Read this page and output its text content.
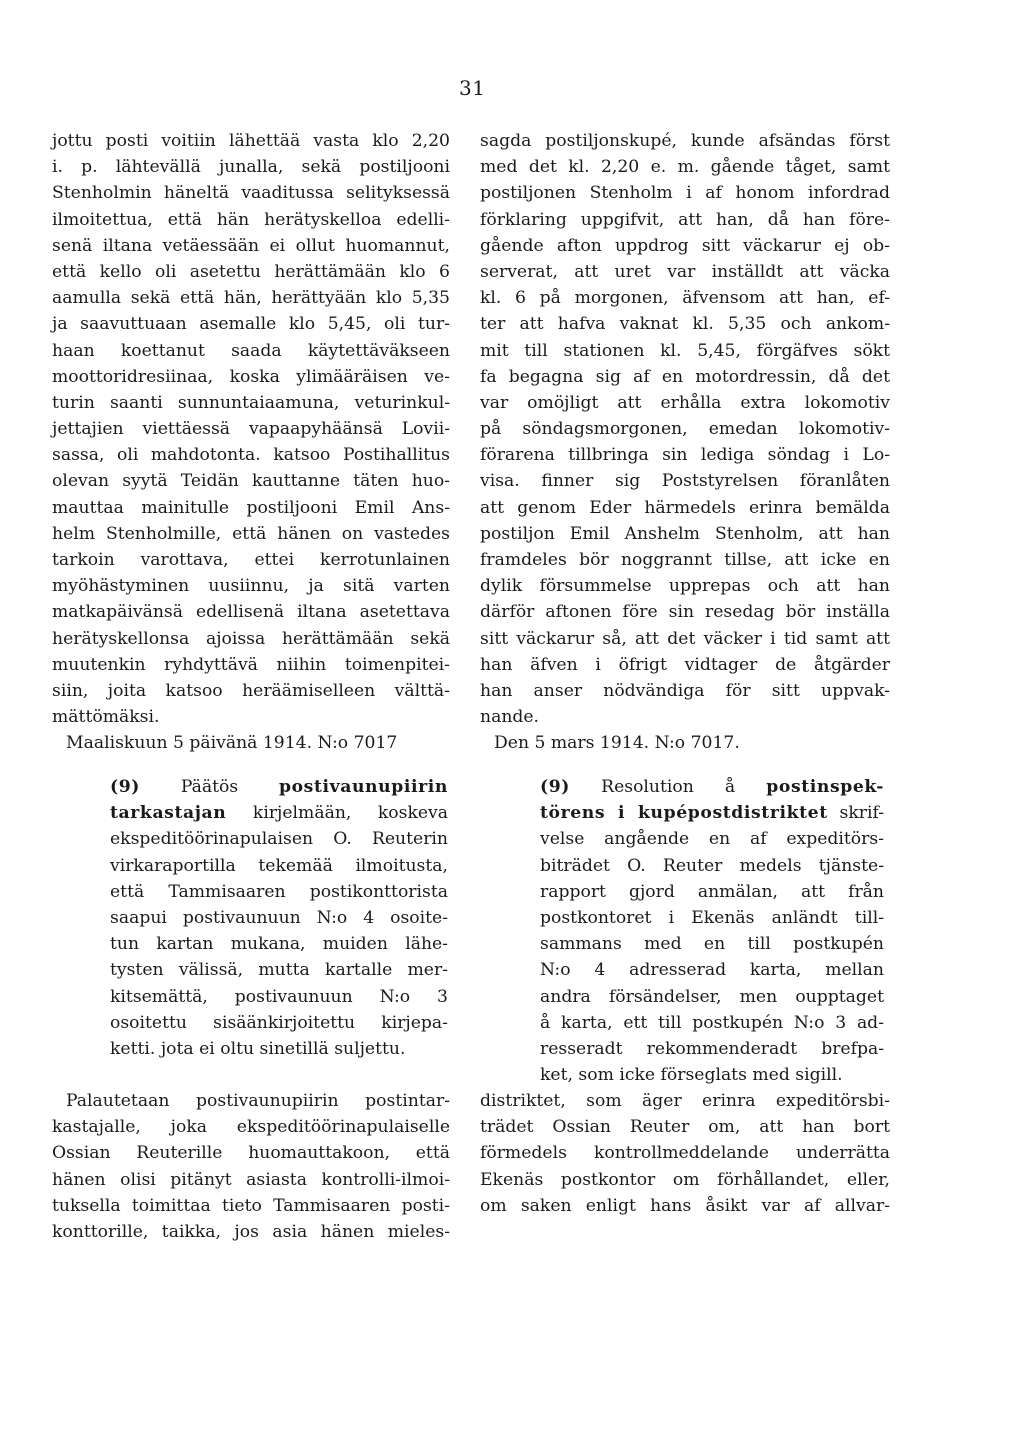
31
jottu posti voitiin lähettää vasta klo 2,20
i. p. lähtevällä junalla, sekä postiljooni
Stenholmin häneltä vaaditussa selityksessä
ilmoitettua, että hän herätyskelloa edelli-
senä iltana vetäessään ei ollut huomannut,
että kello oli asetettu herättämään klo 6
aamulla sekä että hän, herättyään klo 5,35
ja saavuttuaan asemalle klo 5,45, oli tur-
haan koettanut saada käytettäväkseen
moottoridresiinaa, koska ylimääräisen ve-
turin saanti sunnuntaiaamuna, veturinkul-
jettajien viettäessä vapaapyhäänsä Lovii-
sassa, oli mahdotonta. katsoo Postihallitus
olevan syytä Teidän kauttanne täten huo-
mauttaa mainitulle postiljooni Emil Ans-
helm Stenholmille, että hänen on vastedes
tarkoin varottava, ettei kerrotunlainen
myöhästyminen uusiinnu, ja sitä varten
matkapäivänsä edellisenä iltana asetettava
herätyskellonsa ajoissa herättämään sekä
muutenkin ryhdyttävä niihin toimenpitei-
siin, joita katsoo heräämiselleen välttä-
mättömäksi.
Maaliskuun 5 päivänä 1914. N:o 7017
sagda postiljonskupé, kunde afsändas först
med det kl. 2,20 e. m. gående tåget, samt
postiljonen Stenholm i af honom infordrad
förklaring uppgifvit, att han, då han före-
gående afton uppdrog sitt väckarur ej ob-
serverat, att uret var inställdt att väcka
kl. 6 på morgonen, äfvensom att han, ef-
ter att hafva vaknat kl. 5,35 och ankom-
mit till stationen kl. 5,45, förgäfves sökt
fa begagna sig af en motordressin, då det
var omöjligt att erhålla extra lokomotiv
på söndagsmorgonen, emedan lokomotiv-
förarena tillbringa sin lediga söndag i Lo-
visa. finner sig Poststyrelsen föranlåten
att genom Eder härmedels erinra bemälda
postiljon Emil Anshelm Stenholm, att han
framdeles bör noggrannt tillse, att icke en
dylik försummelse upprepas och att han
därför aftonen före sin resedag bör inställa
sitt väckarur så, att det väcker i tid samt att
han äfven i öfrigt vidtager de åtgärder
han anser nödvändiga för sitt uppvak-
nande.
Den 5 mars 1914. N:o 7017.
(9) Päätös postivaunupiirin
tarkastajan kirjelmään, koskeva
ekspeditöörinapulaisen O. Reuterin
virkaraportilla tekemää ilmoitusta,
että Tammisaaren postikonttorista
saapui postivaunuun N:o 4 osoite-
tun kartan mukana, muiden lähe-
tysten välissä, mutta kartalle mer-
kitsemättä, postivaunuun N:o 3
osoitettu sisäänkirjoitettu kirjepa-
ketti. jota ei oltu sinetillä suljettu.
(9) Resolution å postinspek-
törens i kupépostdistriktet skrif-
velse angående en af expeditörs-
biträdet O. Reuter medels tjänste-
rapport gjord anmälan, att från
postkontoret i Ekenäs anländt till-
sammans med en till postkupén
N:o 4 adresserad karta, mellan
andra försändelser, men oupptaget
å karta, ett till postkupén N:o 3 ad-
resseradt rekommenderadt brefpa-
ket, som icke förseglats med sigill.
Palautetaan postivaunupiirin postintar-
kastajalle, joka ekspeditöörinapulaiselle
Ossian Reuterille huomauttakoon, että
hänen olisi pitänyt asiasta kontrolli-ilmoi-
tuksella toimittaa tieto Tammisaaren posti-
konttorille, taikka, jos asia hänen mieles-
distriktet, som äger erinra expeditörsbi-
trädet Ossian Reuter om, att han bort
förmedels kontrollmeddelande underrätta
Ekenäs postkontor om förhållandet, eller,
om saken enligt hans åsikt var af allvar-
